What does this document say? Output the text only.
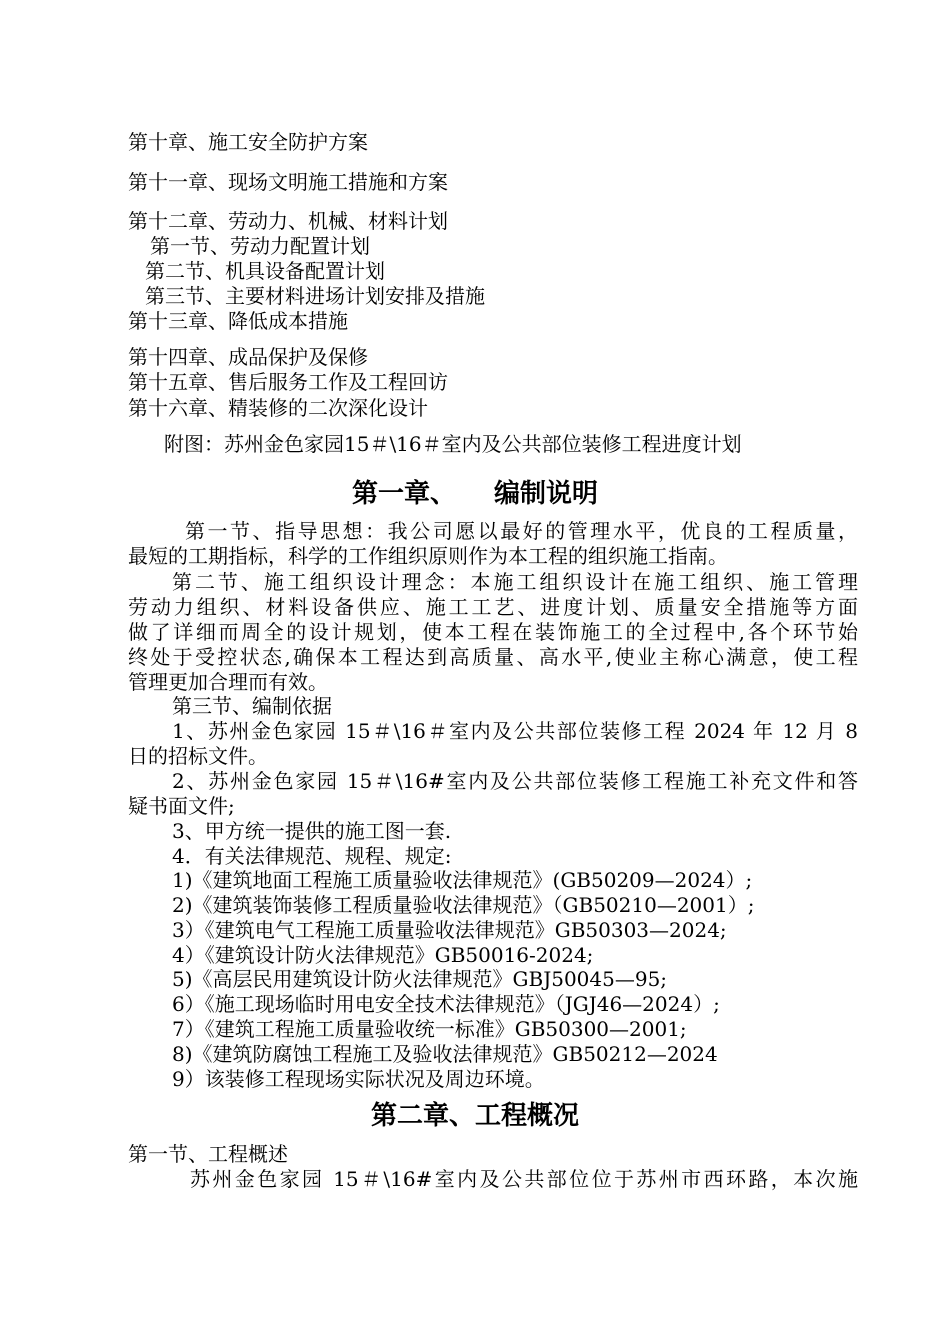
第十章、施工安全防护方案
第十一章、现场文明施工措施和方案
第十二章、劳动力、机械、材料计划
第一节、劳动力配置计划
第二节、机具设备配置计划
第三节、主要材料进场计划安排及措施
第十三章、降低成本措施
第十四章、成品保护及保修
第十五章、售后服务工作及工程回访
第十六章、精装修的二次深化设计
附图：苏州金色家园15＃\16＃室内及公共部位装修工程进度计划
第一章、 编制说明
第一节、指导思想：我公司愿以最好的管理水平，优良的工程质量，
最短的工期指标，科学的工作组织原则作为本工程的组织施工指南。
第二节、施工组织设计理念：本施工组织设计在施工组织、施工管理
劳动力组织、材料设备供应、施工工艺、进度计划、质量安全措施等方面
做了详细而周全的设计规划，使本工程在装饰施工的全过程中,各个环节始
终处于受控状态,确保本工程达到高质量、高水平,使业主称心满意，使工程
管理更加合理而有效。
第三节、编制依据
1、苏州金色家园 15＃\16＃室内及公共部位装修工程 2024 年 12 月 8
日的招标文件。
2、苏州金色家园 15＃\16#室内及公共部位装修工程施工补充文件和答
疑书面文件;
3、甲方统一提供的施工图一套.
4．有关法律规范、规程、规定:
1)《建筑地面工程施工质量验收法律规范》(GB50209—2024）;
2)《建筑装饰装修工程质量验收法律规范》（GB50210—2001）;
3）《建筑电气工程施工质量验收法律规范》GB50303—2024;
4）《建筑设计防火法律规范》GB50016-2024;
5)《高层民用建筑设计防火法律规范》GBJ50045—95;
6）《施工现场临时用电安全技术法律规范》（JGJ46—2024）;
7）《建筑工程施工质量验收统一标准》GB50300—2001;
8)《建筑防腐蚀工程施工及验收法律规范》GB50212—2024
9）该装修工程现场实际状况及周边环境。
第二章、工程概况
第一节、工程概述
苏州金色家园 15＃\16#室内及公共部位位于苏州市西环路，本次施
